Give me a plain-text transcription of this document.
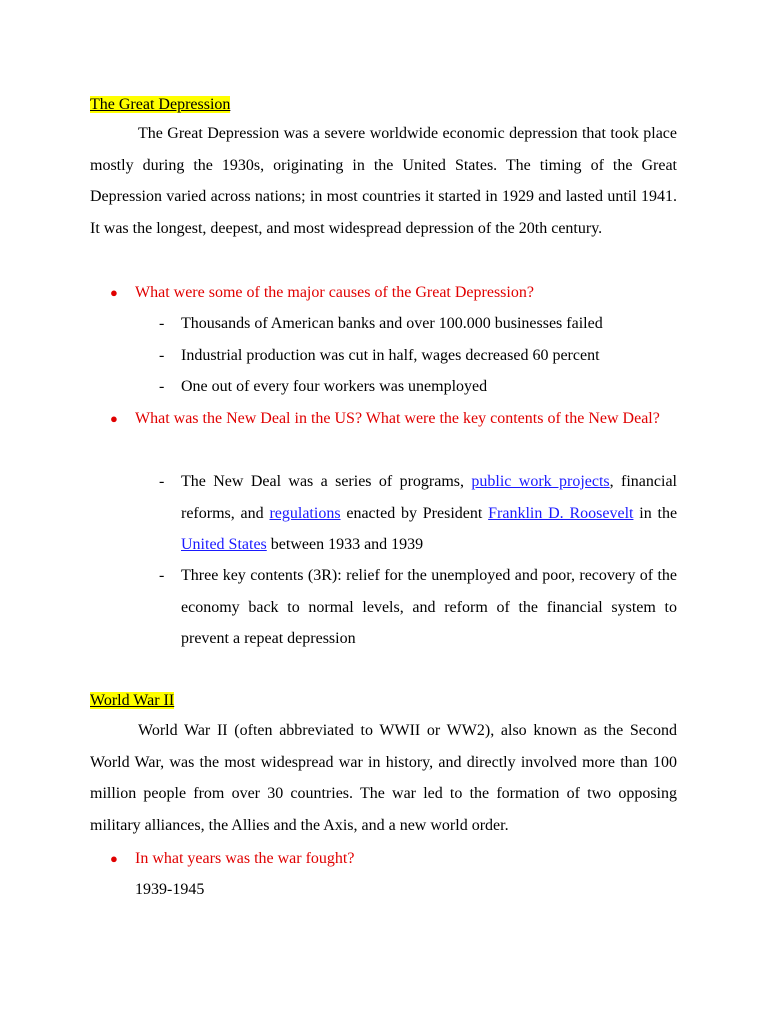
The Great Depression
The Great Depression was a severe worldwide economic depression that took place mostly during the 1930s, originating in the United States. The timing of the Great Depression varied across nations; in most countries it started in 1929 and lasted until 1941. It was the longest, deepest, and most widespread depression of the 20th century.
● What were some of the major causes of the Great Depression?
- Thousands of American banks and over 100.000 businesses failed
- Industrial production was cut in half, wages decreased 60 percent
- One out of every four workers was unemployed
● What was the New Deal in the US? What were the key contents of the New Deal?
- The New Deal was a series of programs, public work projects, financial reforms, and regulations enacted by President Franklin D. Roosevelt in the United States between 1933 and 1939
- Three key contents (3R): relief for the unemployed and poor, recovery of the economy back to normal levels, and reform of the financial system to prevent a repeat depression
World War II
World War II (often abbreviated to WWII or WW2), also known as the Second World War, was the most widespread war in history, and directly involved more than 100 million people from over 30 countries. The war led to the formation of two opposing military alliances, the Allies and the Axis, and a new world order.
● In what years was the war fought?
1939-1945
